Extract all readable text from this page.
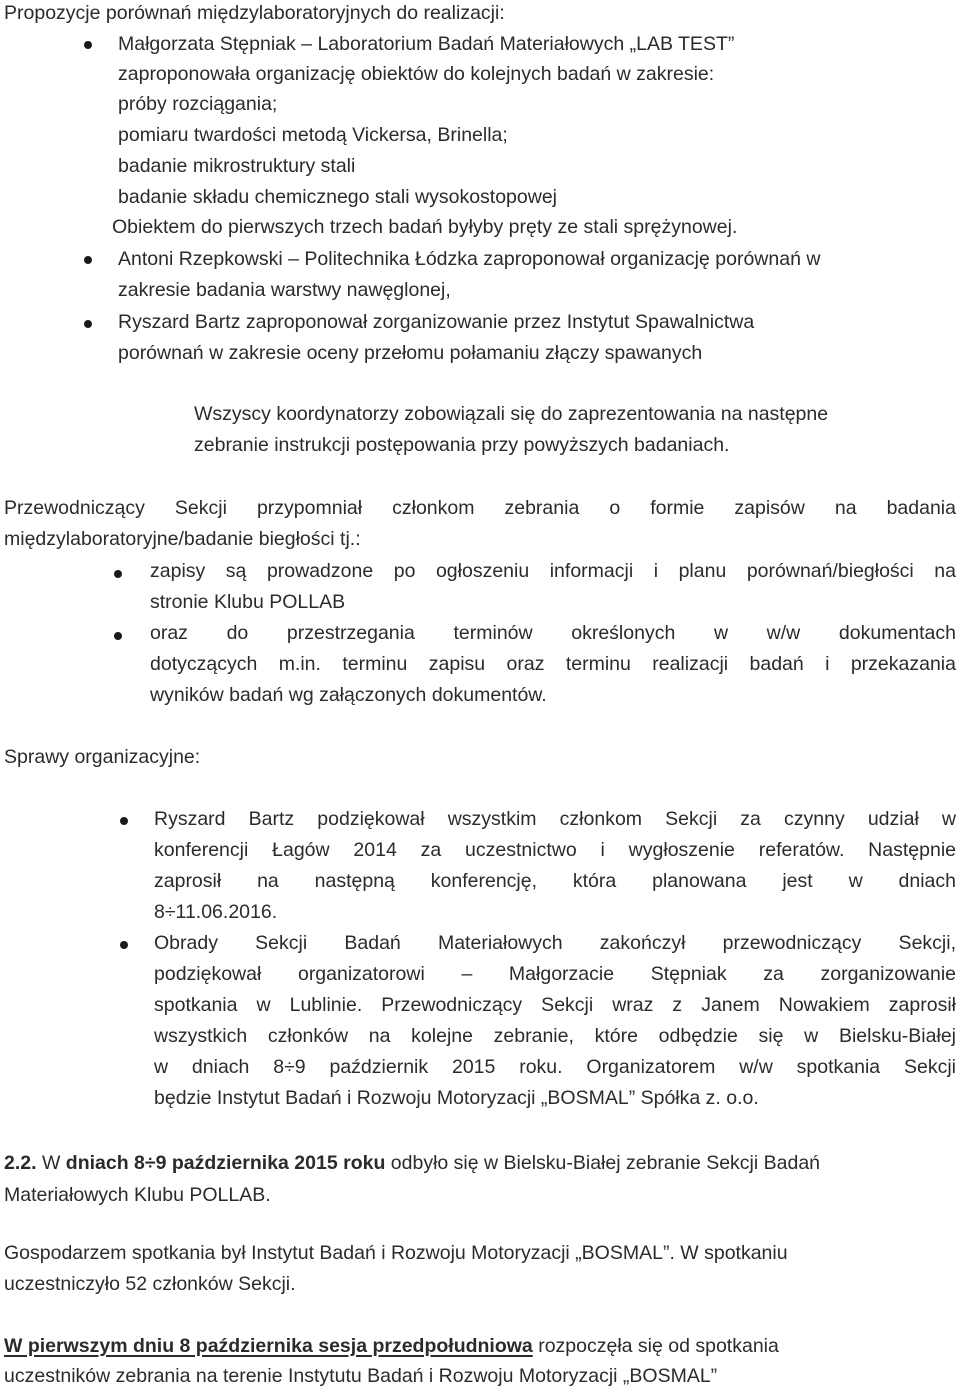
Propozycje porównań międzylaboratoryjnych do realizacji:
Małgorzata Stępniak – Laboratorium Badań Materiałowych „LAB TEST”
zaproponowała organizację obiektów do kolejnych badań w zakresie:
próby rozciągania;
pomiaru twardości metodą Vickersa, Brinella;
badanie mikrostruktury stali
badanie składu chemicznego stali wysokostopowej
Obiektem do pierwszych trzech badań byłyby pręty ze stali sprężynowej.
Antoni Rzepkowski – Politechnika Łódzka zaproponował organizację porównań w
zakresie badania warstwy nawęglonej,
Ryszard Bartz zaproponował zorganizowanie przez Instytut Spawalnictwa
porównań w zakresie oceny przełomu połamaniu złączy spawanych
Wszyscy koordynatorzy zobowiązali się do zaprezentowania na następne
zebranie instrukcji postępowania przy powyższych badaniach.
Przewodniczący Sekcji przypomniał członkom zebrania o formie zapisów na badania
międzylaboratoryjne/badanie biegłości tj.:
zapisy są prowadzone po ogłoszeniu informacji i planu porównań/biegłości na
stronie Klubu POLLAB
oraz do przestrzegania terminów określonych w w/w dokumentach
dotyczących m.in. terminu zapisu oraz terminu realizacji badań i przekazania
wyników badań wg załączonych dokumentów.
Sprawy organizacyjne:
Ryszard Bartz podziękował wszystkim członkom Sekcji za czynny udział w
konferencji Łagów 2014 za uczestnictwo i wygłoszenie referatów. Następnie
zaprosił na następną konferencję, która planowana jest w dniach
8÷11.06.2016.
Obrady Sekcji Badań Materiałowych zakończył przewodniczący Sekcji,
podziękował organizatorowi – Małgorzacie Stępniak za zorganizowanie
spotkania w Lublinie. Przewodniczący Sekcji wraz z Janem Nowakiem zaprosił
wszystkich członków na kolejne zebranie, które odbędzie się w Bielsku-Białej
w dniach 8÷9 październik 2015 roku. Organizatorem w/w spotkania Sekcji
będzie Instytut Badań i Rozwoju Motoryzacji „BOSMAL” Spółka z. o.o.
2.2. W dniach 8÷9 października 2015 roku odbyło się w Bielsku-Białej zebranie Sekcji Badań
Materiałowych Klubu POLLAB.
Gospodarzem spotkania był Instytut Badań i Rozwoju Motoryzacji „BOSMAL”. W spotkaniu
uczestniczyło 52 członków Sekcji.
W pierwszym dniu 8 października sesja przedpołudniowa rozpoczęła się od spotkania
uczestników zebrania na terenie Instytutu Badań i Rozwoju Motoryzacji „BOSMAL”
